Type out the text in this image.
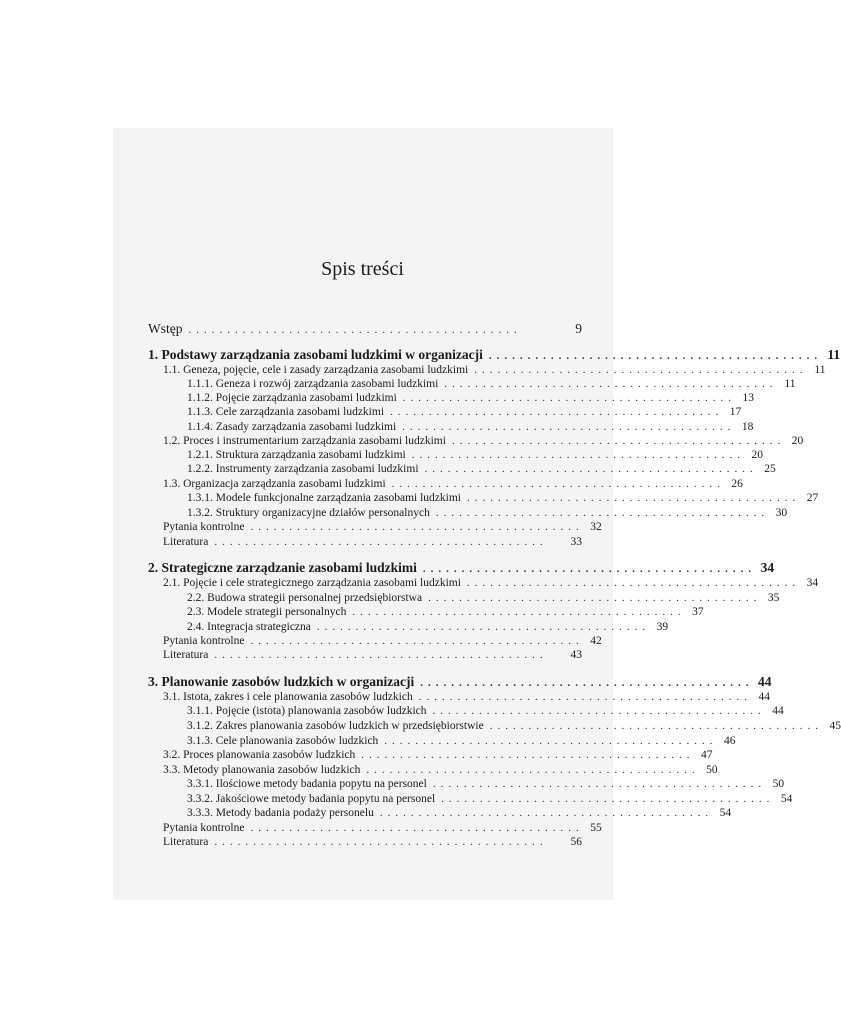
Spis treści
Wstęp ...........................................	9
1. Podstawy zarządzania zasobami ludzkimi w organizacji ........................................... 11
1.1. Geneza, pojęcie, cele i zasady zarządzania zasobami ludzkimi ........................................... 11
1.1.1. Geneza i rozwój zarządzania zasobami ludzkimi ........................................... 11
1.1.2. Pojęcie zarządzania zasobami ludzkimi ........................................... 13
1.1.3. Cele zarządzania zasobami ludzkimi ........................................... 17
1.1.4. Zasady zarządzania zasobami ludzkimi ........................................... 18
1.2. Proces i instrumentarium zarządzania zasobami ludzkimi ........................................... 20
1.2.1. Struktura zarządzania zasobami ludzkimi ........................................... 20
1.2.2. Instrumenty zarządzania zasobami ludzkimi ........................................... 25
1.3. Organizacja zarządzania zasobami ludzkimi ........................................... 26
1.3.1. Modele funkcjonalne zarządzania zasobami ludzkimi ........................................... 27
1.3.2. Struktury organizacyjne działów personalnych ........................................... 30
Pytania kontrolne ........................................... 32
Literatura ...........................................	33
2. Strategiczne zarządzanie zasobami ludzkimi ........................................... 34
2.1. Pojęcie i cele strategicznego zarządzania zasobami ludzkimi ........................................... 34
2.2. Budowa strategii personalnej przedsiębiorstwa ........................................... 35
2.3. Modele strategii personalnych ........................................... 37
2.4. Integracja strategiczna ........................................... 39
Pytania kontrolne ........................................... 42
Literatura ...........................................	43
3. Planowanie zasobów ludzkich w organizacji ........................................... 44
3.1. Istota, zakres i cele planowania zasobów ludzkich ........................................... 44
3.1.1. Pojęcie (istota) planowania zasobów ludzkich ........................................... 44
3.1.2. Zakres planowania zasobów ludzkich w przedsiębiorstwie ........................................... 45
3.1.3. Cele planowania zasobów ludzkich ........................................... 46
3.2. Proces planowania zasobów ludzkich ........................................... 47
3.3. Metody planowania zasobów ludzkich ........................................... 50
3.3.1. Ilościowe metody badania popytu na personel ........................................... 50
3.3.2. Jakościowe metody badania popytu na personel ........................................... 54
3.3.3. Metody badania podaży personelu ........................................... 54
Pytania kontrolne ........................................... 55
Literatura ...........................................	56
